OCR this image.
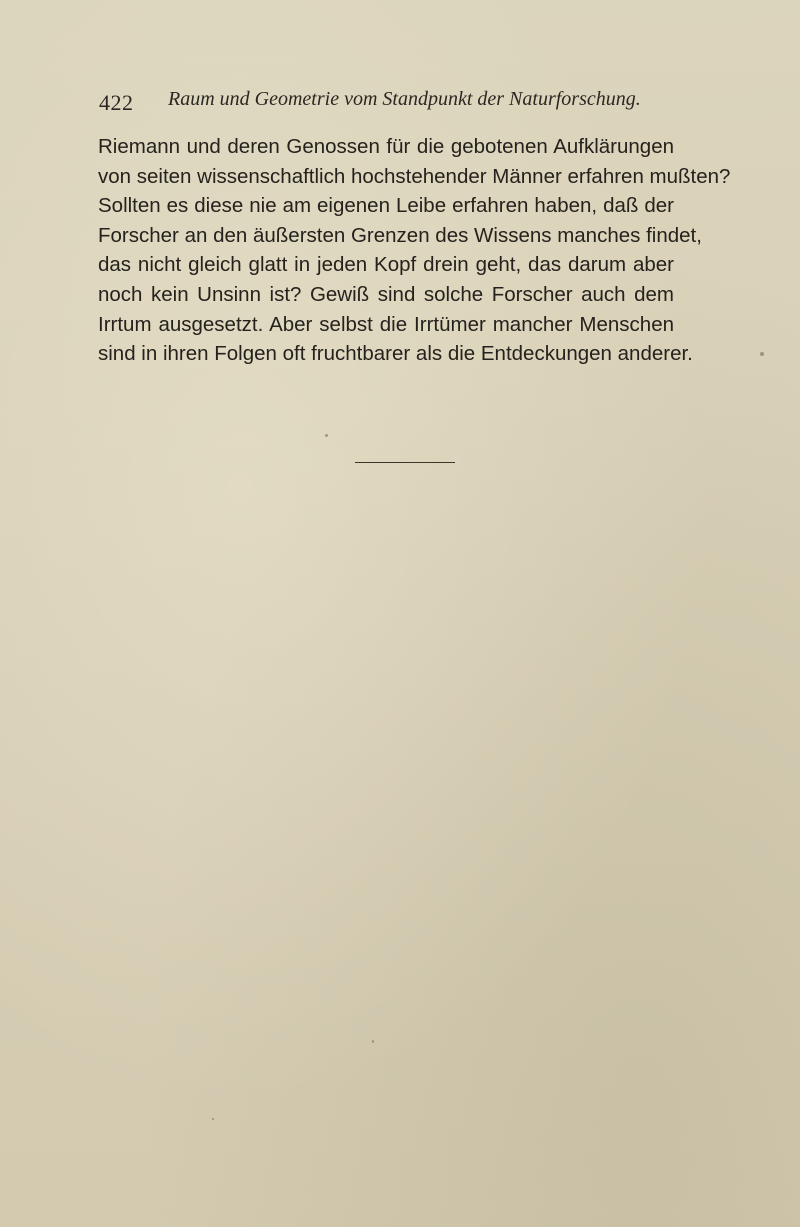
422 Raum und Geometrie vom Standpunkt der Naturforschung.
Riemann und deren Genossen für die gebotenen Aufklärungen
von seiten wissenschaftlich hochstehender Männer erfahren mußten?
Sollten es diese nie am eigenen Leibe erfahren haben, daß der
Forscher an den äußersten Grenzen des Wissens manches findet,
das nicht gleich glatt in jeden Kopf drein geht, das darum aber
noch kein Unsinn ist? Gewiß sind solche Forscher auch dem
Irrtum ausgesetzt. Aber selbst die Irrtümer mancher Menschen
sind in ihren Folgen oft fruchtbarer als die Entdeckungen anderer.
